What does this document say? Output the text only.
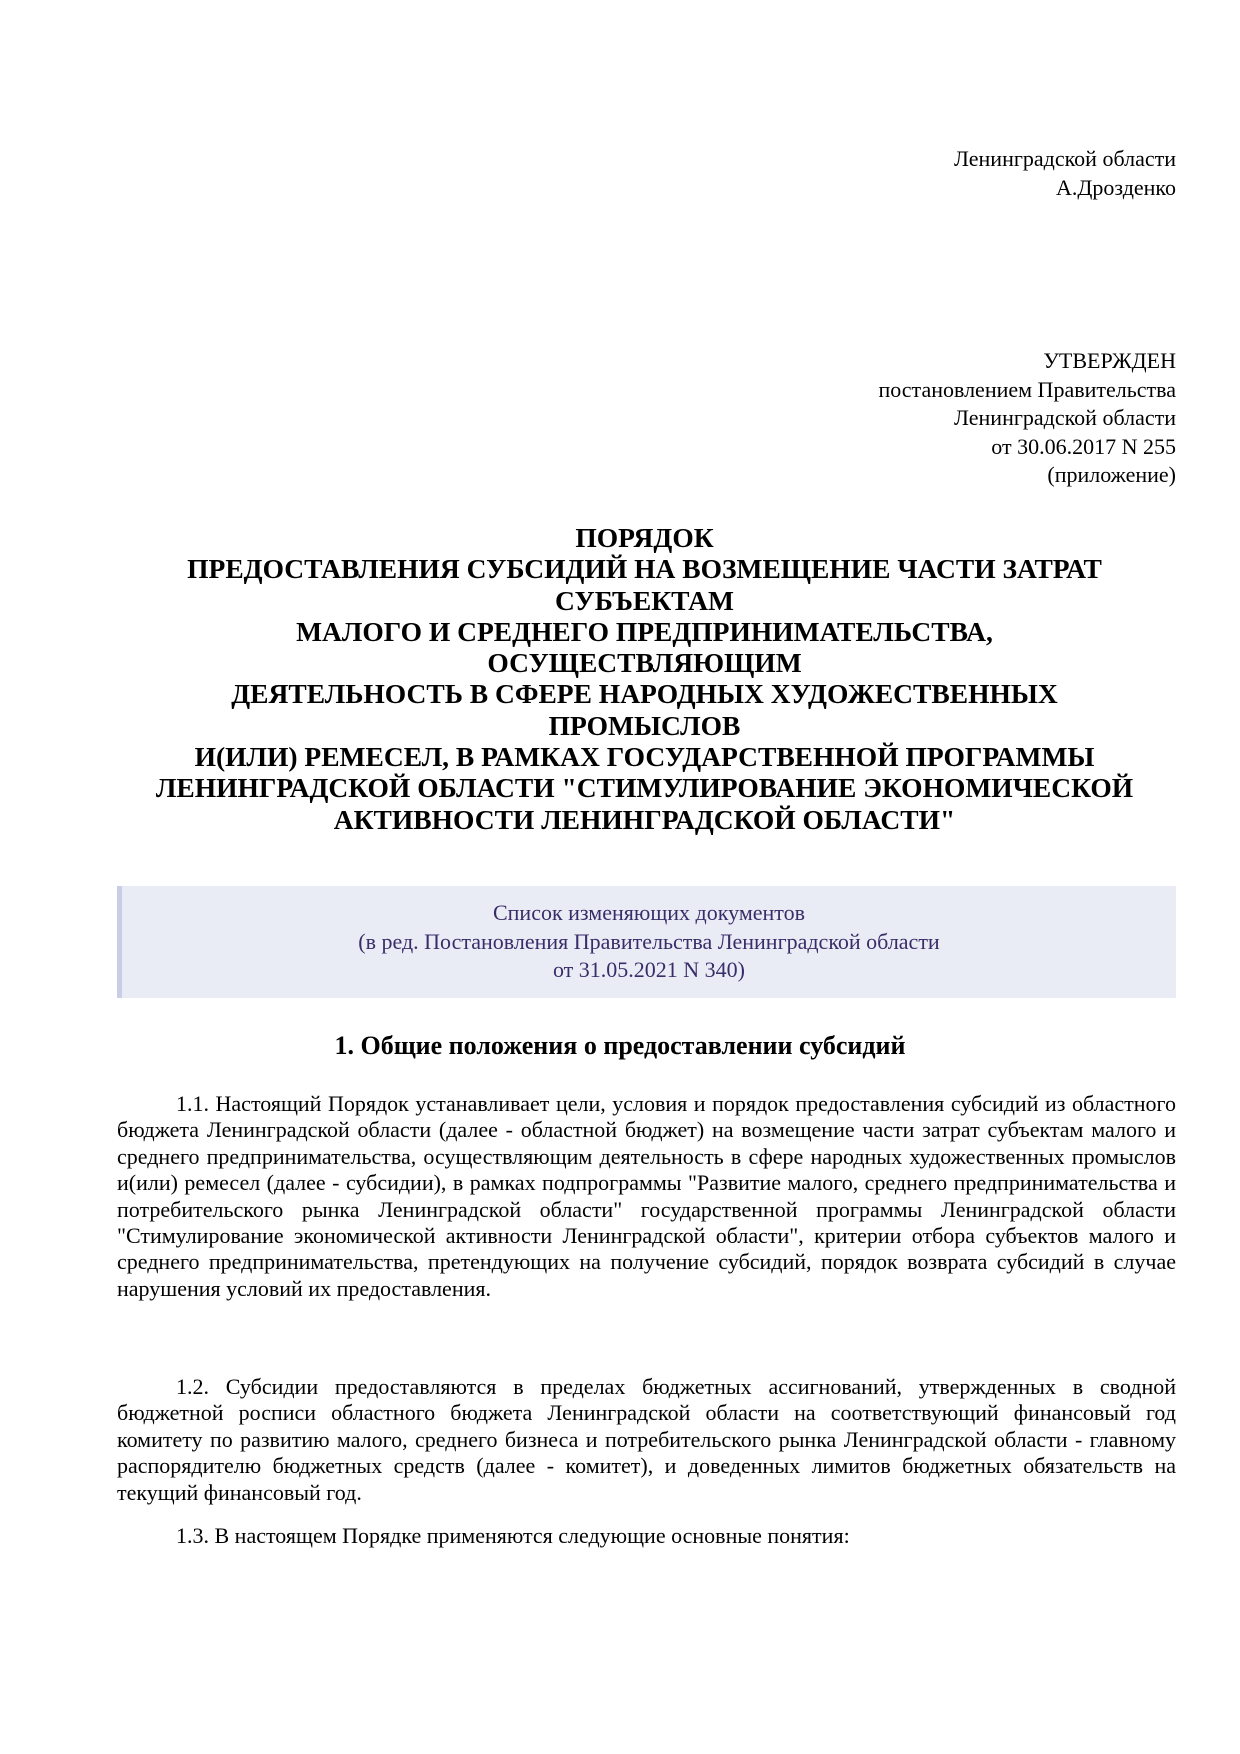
Ленинградской области
А.Дрозденко
УТВЕРЖДЕН
постановлением Правительства
Ленинградской области
от 30.06.2017 N 255
(приложение)
ПОРЯДОК
ПРЕДОСТАВЛЕНИЯ СУБСИДИЙ НА ВОЗМЕЩЕНИЕ ЧАСТИ ЗАТРАТ
СУБЪЕКТАМ
МАЛОГО И СРЕДНЕГО ПРЕДПРИНИМАТЕЛЬСТВА,
ОСУЩЕСТВЛЯЮЩИМ
ДЕЯТЕЛЬНОСТЬ В СФЕРЕ НАРОДНЫХ ХУДОЖЕСТВЕННЫХ
ПРОМЫСЛОВ
И(ИЛИ) РЕМЕСЕЛ, В РАМКАХ ГОСУДАРСТВЕННОЙ ПРОГРАММЫ
ЛЕНИНГРАДСКОЙ ОБЛАСТИ "СТИМУЛИРОВАНИЕ ЭКОНОМИЧЕСКОЙ
АКТИВНОСТИ ЛЕНИНГРАДСКОЙ ОБЛАСТИ"
Список изменяющих документов
(в ред. Постановления Правительства Ленинградской области
от 31.05.2021 N 340)
1. Общие положения о предоставлении субсидий

1.1. Настоящий Порядок устанавливает цели, условия и порядок предоставления субсидий из областного бюджета Ленинградской области (далее - областной бюджет) на возмещение части затрат субъектам малого и среднего предпринимательства, осуществляющим деятельность в сфере народных художественных промыслов и(или) ремесел (далее - субсидии), в рамках подпрограммы "Развитие малого, среднего предпринимательства и потребительского рынка Ленинградской области" государственной программы Ленинградской области "Стимулирование экономической активности Ленинградской области", критерии отбора субъектов малого и среднего предпринимательства, претендующих на получение субсидий, порядок возврата субсидий в случае нарушения условий их предоставления.

1.2. Субсидии предоставляются в пределах бюджетных ассигнований, утвержденных в сводной бюджетной росписи областного бюджета Ленинградской области на соответствующий финансовый год комитету по развитию малого, среднего бизнеса и потребительского рынка Ленинградской области - главному распорядителю бюджетных средств (далее - комитет), и доведенных лимитов бюджетных обязательств на текущий финансовый год.

1.3. В настоящем Порядке применяются следующие основные понятия:
